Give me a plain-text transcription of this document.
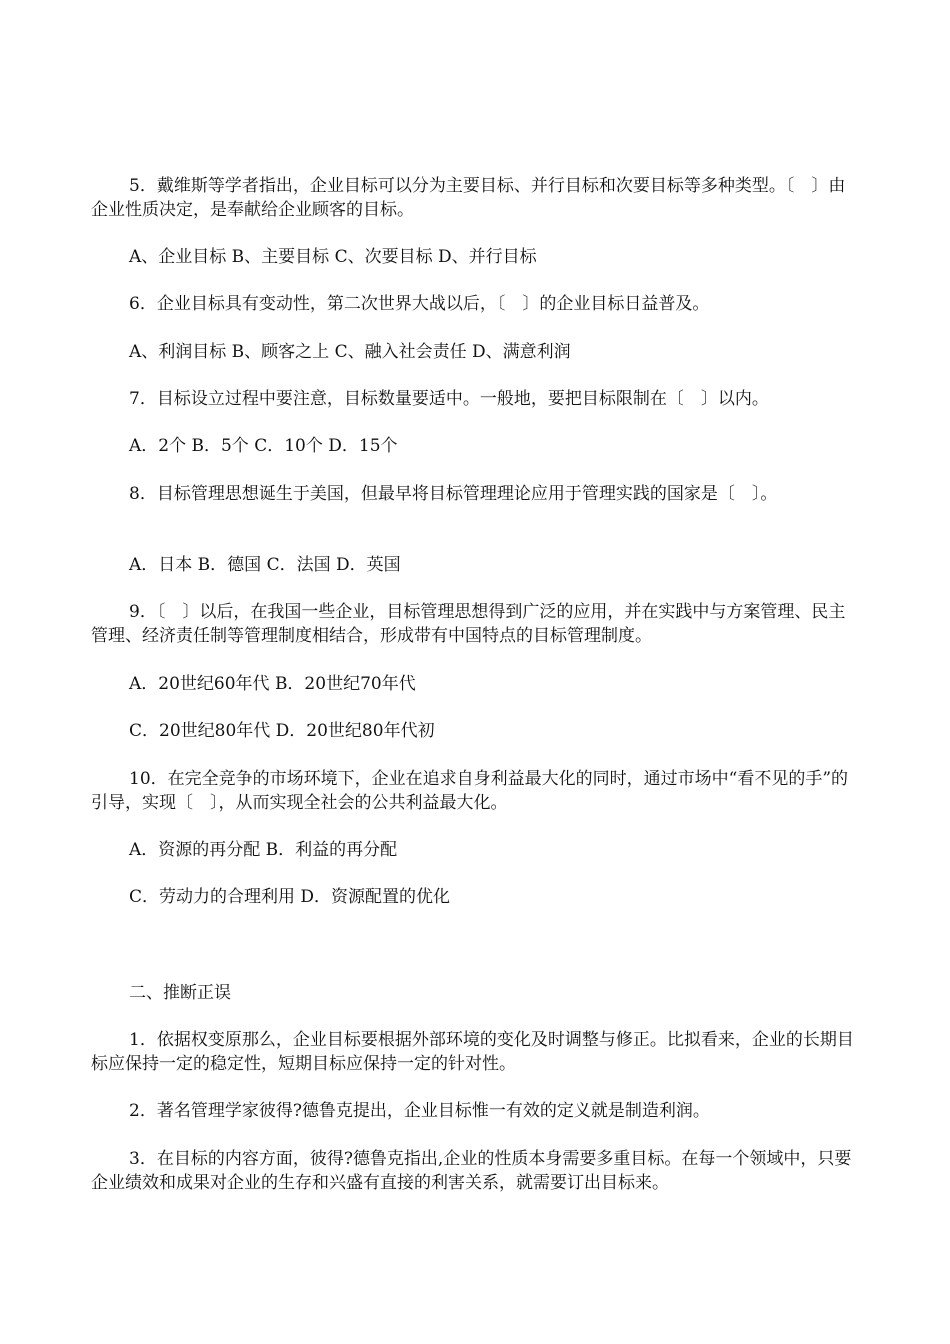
5．戴维斯等学者指出，企业目标可以分为主要目标、并行目标和次要目标等多种类型。〔　〕由企业性质决定，是奉献给企业顾客的目标。

A、企业目标 B、主要目标 C、次要目标 D、并行目标

6．企业目标具有变动性，第二次世界大战以后，〔　〕的企业目标日益普及。

A、利润目标 B、顾客之上 C、融入社会责任 D、满意利润

7．目标设立过程中要注意，目标数量要适中。一般地，要把目标限制在〔　〕以内。

A．2个 B．5个 C．10个 D．15个

8．目标管理思想诞生于美国，但最早将目标管理理论应用于管理实践的国家是〔　〕。

A．日本 B．德国 C．法国 D．英国

9．〔　〕以后，在我国一些企业，目标管理思想得到广泛的应用，并在实践中与方案管理、民主管理、经济责任制等管理制度相结合，形成带有中国特点的目标管理制度。

A．20世纪60年代 B．20世纪70年代

C．20世纪80年代 D．20世纪80年代初

10．在完全竞争的市场环境下，企业在追求自身利益最大化的同时，通过市场中“看不见的手”的引导，实现〔　〕，从而实现全社会的公共利益最大化。

A．资源的再分配 B．利益的再分配

C．劳动力的合理利用 D．资源配置的优化

二、推断正误

1．依据权变原那么，企业目标要根据外部环境的变化及时调整与修正。比拟看来，企业的长期目标应保持一定的稳定性，短期目标应保持一定的针对性。

2．著名管理学家彼得?德鲁克提出，企业目标惟一有效的定义就是制造利润。

3．在目标的内容方面，彼得?德鲁克指出,企业的性质本身需要多重目标。在每一个领域中，只要企业绩效和成果对企业的生存和兴盛有直接的利害关系，就需要订出目标来。
